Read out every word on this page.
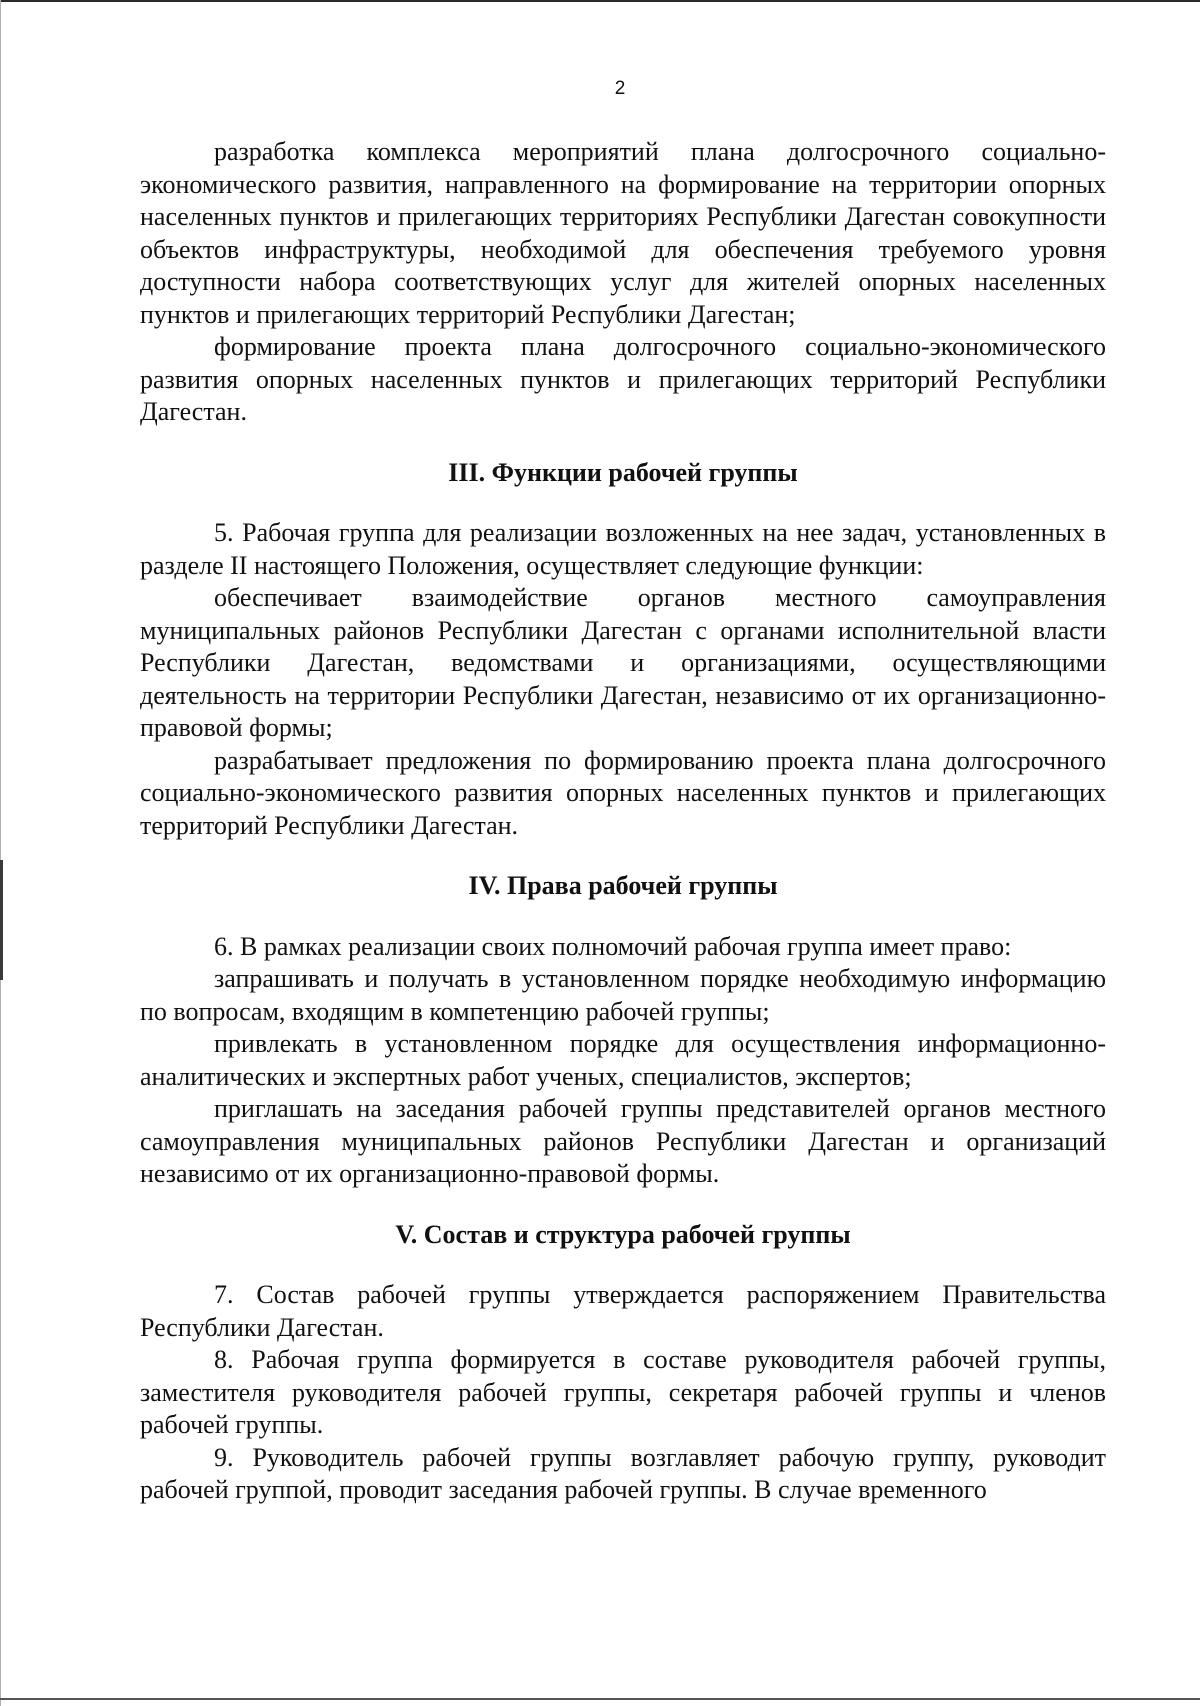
2

разработка комплекса мероприятий плана долгосрочного социально-экономического развития, направленного на формирование на территории опорных населенных пунктов и прилегающих территориях Республики Дагестан совокупности объектов инфраструктуры, необходимой для обеспечения требуемого уровня доступности набора соответствующих услуг для жителей опорных населенных пунктов и прилегающих территорий Республики Дагестан;

формирование проекта плана долгосрочного социально-экономического развития опорных населенных пунктов и прилегающих территорий Республики Дагестан.

III. Функции рабочей группы

5. Рабочая группа для реализации возложенных на нее задач, установленных в разделе II настоящего Положения, осуществляет следующие функции:

обеспечивает взаимодействие органов местного самоуправления муниципальных районов Республики Дагестан с органами исполнительной власти Республики Дагестан, ведомствами и организациями, осуществляющими деятельность на территории Республики Дагестан, независимо от их организационно-правовой формы;

разрабатывает предложения по формированию проекта плана долгосрочного социально-экономического развития опорных населенных пунктов и прилегающих территорий Республики Дагестан.

IV. Права рабочей группы

6. В рамках реализации своих полномочий рабочая группа имеет право:

запрашивать и получать в установленном порядке необходимую информацию по вопросам, входящим в компетенцию рабочей группы;

привлекать в установленном порядке для осуществления информационно-аналитических и экспертных работ ученых, специалистов, экспертов;

приглашать на заседания рабочей группы представителей органов местного самоуправления муниципальных районов Республики Дагестан и организаций независимо от их организационно-правовой формы.

V. Состав и структура рабочей группы

7. Состав рабочей группы утверждается распоряжением Правительства Республики Дагестан.

8. Рабочая группа формируется в составе руководителя рабочей группы, заместителя руководителя рабочей группы, секретаря рабочей группы и членов рабочей группы.

9. Руководитель рабочей группы возглавляет рабочую группу, руководит рабочей группой, проводит заседания рабочей группы. В случае временного
